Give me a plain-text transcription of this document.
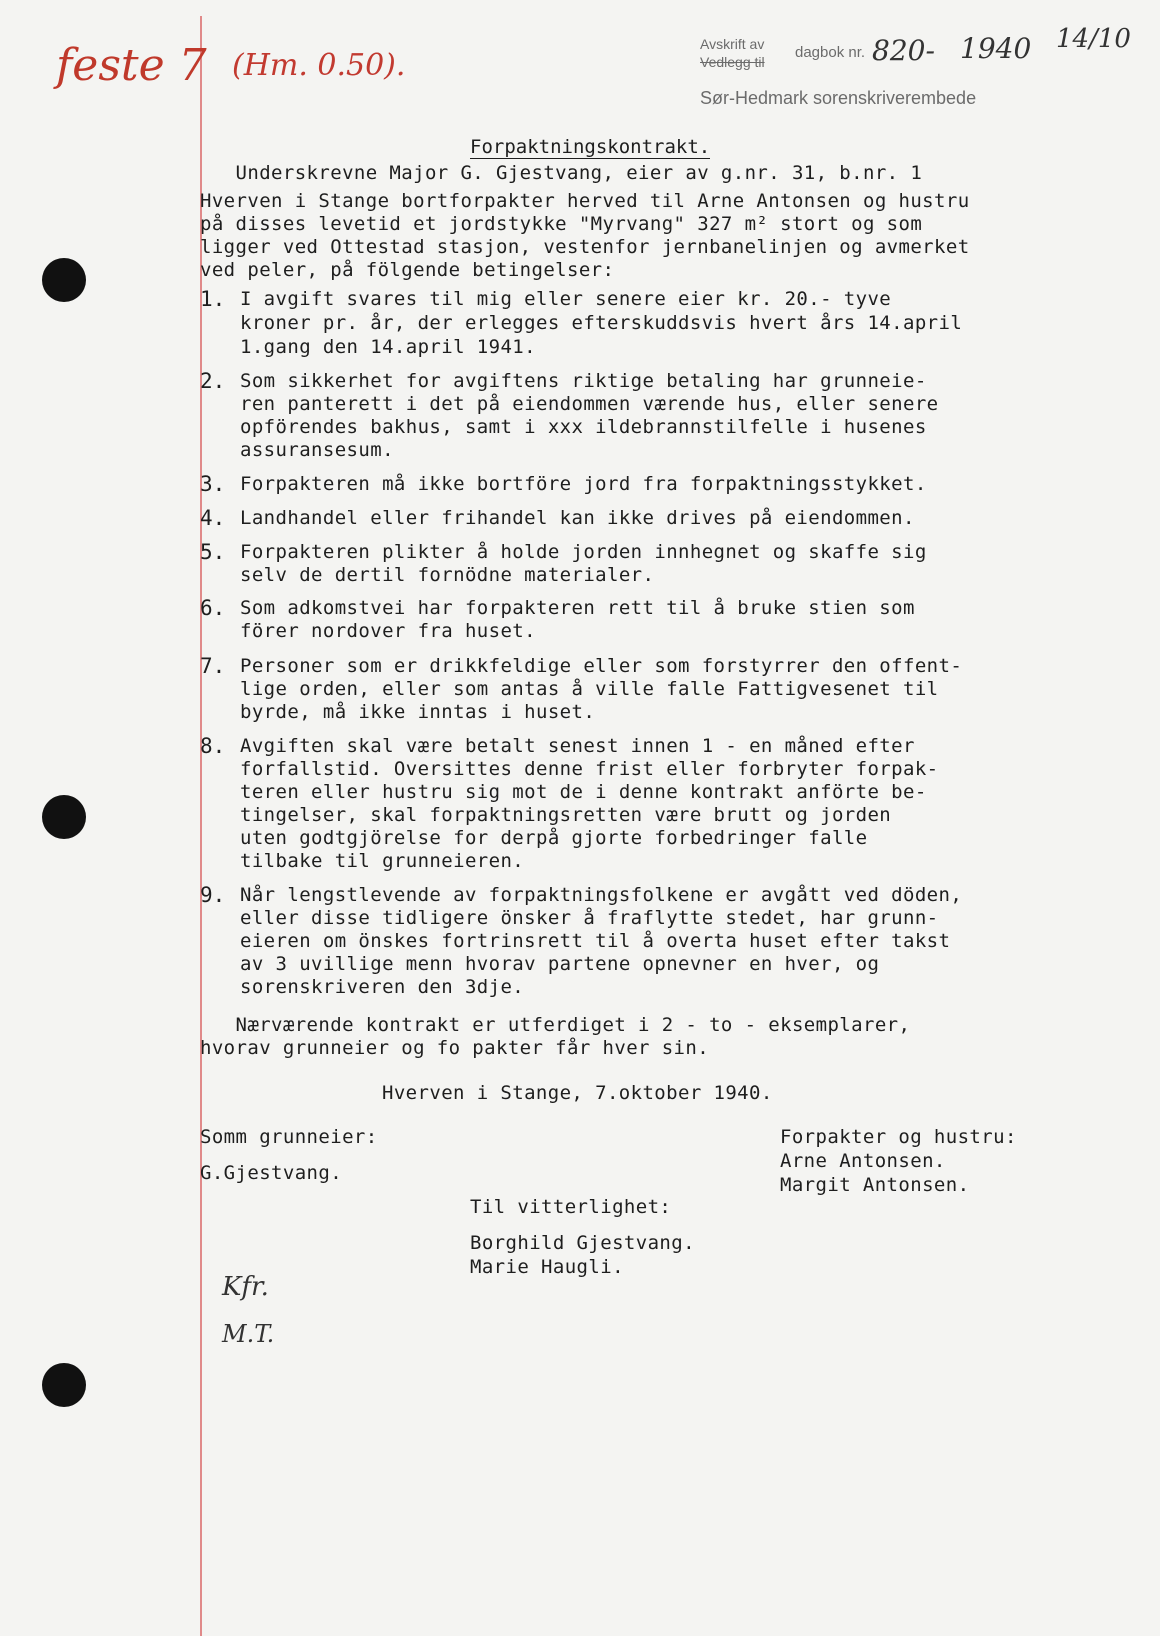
feste 7 (Hm. 0.50).
Avskrift av
Vedlegg til
dagbok nr. 820- 1940 14/10
Sør-Hedmark sorenskriverembede
Forpaktningskontrakt.
Underskrevne Major G. Gjestvang, eier av g.nr. 31, b.nr. 1
Hverven i Stange bortforpakter herved til Arne Antonsen og hustru
på disses levetid et jordstykke "Myrvang" 327 m² stort og som
ligger ved Ottestad stasjon, vestenfor jernbanelinjen og avmerket
ved peler, på fölgende betingelser:
1. I avgift svares til mig eller senere eier kr. 20.- tyve
kroner pr. år, der erlegges efterskuddsvis hvert års 14.april
1.gang den 14.april 1941.
2. Som sikkerhet for avgiftens riktige betaling har grunneie-
ren panterett i det på eiendommen værende hus, eller senere
opförendes bakhus, samt i xxx ildebrannstilfelle i husenes
assuransesum.
3. Forpakteren må ikke bortföre jord fra forpaktningsstykket.
4. Landhandel eller frihandel kan ikke drives på eiendommen.
5. Forpakteren plikter å holde jorden innhegnet og skaffe sig
selv de dertil fornödne materialer.
6. Som adkomstvei har forpakteren rett til å bruke stien som
förer nordover fra huset.
7. Personer som er drikkfeldige eller som forstyrrer den offent-
lige orden, eller som antas å ville falle Fattigvesenet til
byrde, må ikke inntas i huset.
8. Avgiften skal være betalt senest innen 1 - en måned efter
forfallstid. Oversittes denne frist eller forbryter forpak-
teren eller hustru sig mot de i denne kontrakt anförte be-
tingelser, skal forpaktningsretten være brutt og jorden
uten godtgjörelse for derpå gjorte forbedringer falle
tilbake til grunneieren.
9. Når lengstlevende av forpaktningsfolkene er avgått ved döden,
eller disse tidligere önsker å fraflytte stedet, har grunn-
eieren om önskes fortrinsrett til å overta huset efter takst
av 3 uvillige menn hvorav partene opnevner en hver, og
sorenskriveren den 3dje.
Nærværende kontrakt er utferdiget i 2 - to - eksemplarer,
hvorav grunneier og fo pakter får hver sin.
Hverven i Stange, 7.oktober 1940.
Somm grunneier:
G.Gjestvang.
Forpakter og hustru:
Arne Antonsen.
Margit Antonsen.
Til vitterlighet:
Borghild Gjestvang.
Marie Haugli.
Kfr.
M.T.
